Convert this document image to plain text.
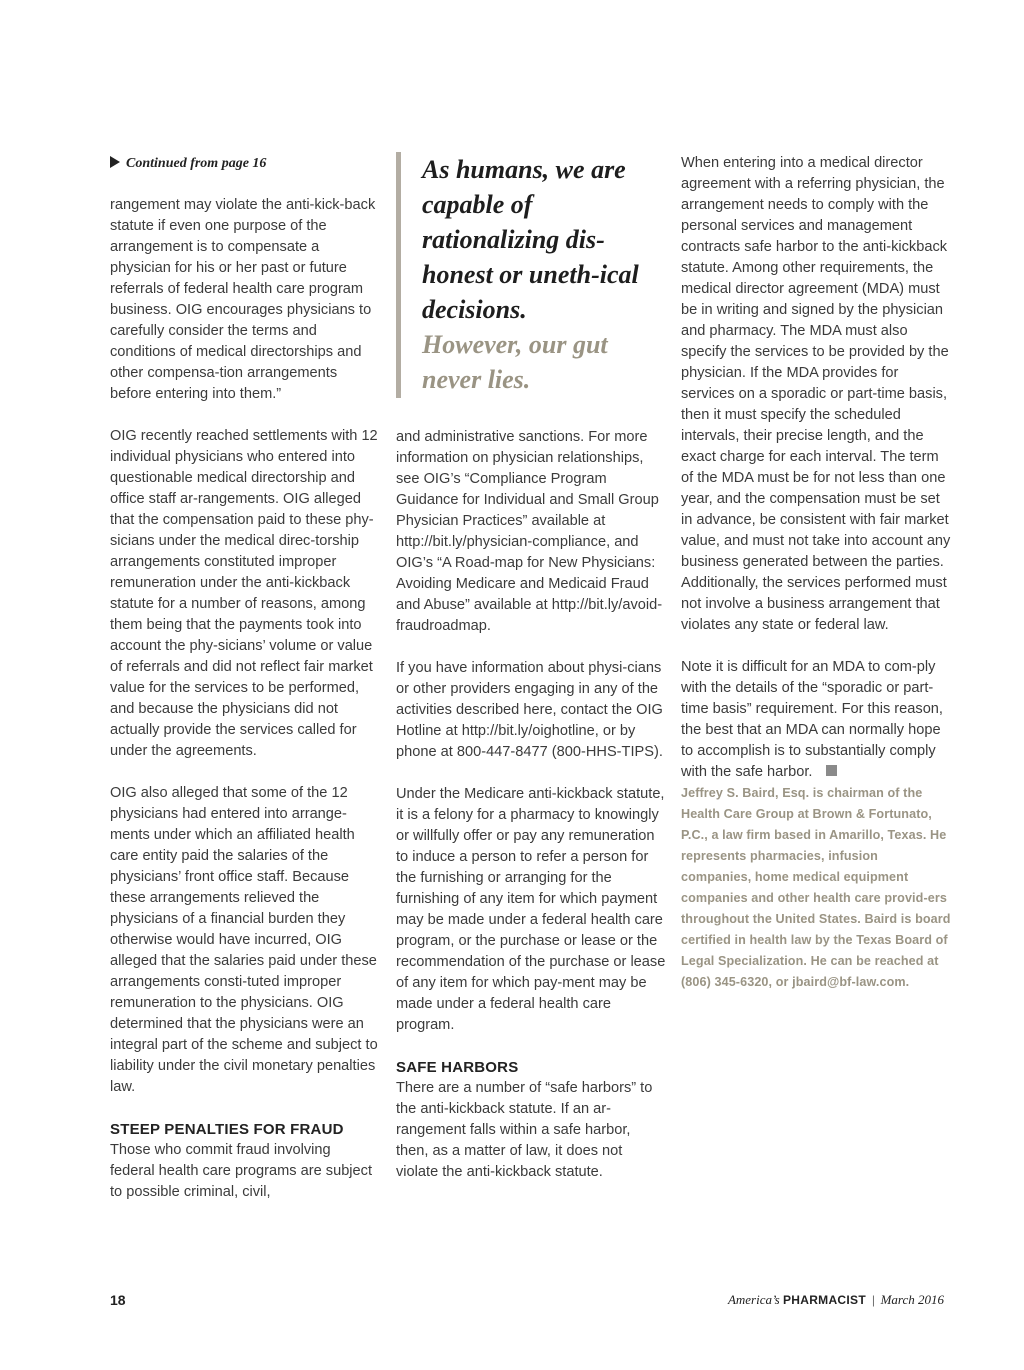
Continued from page 16

rangement may violate the anti-kick-back statute if even one purpose of the arrangement is to compensate a physician for his or her past or future referrals of federal health care program business. OIG encourages physicians to carefully consider the terms and conditions of medical directorships and other compensa-tion arrangements before entering into them.”

OIG recently reached settlements with 12 individual physicians who entered into questionable medical directorship and office staff ar-rangements. OIG alleged that the compensation paid to these phy-sicians under the medical direc-torship arrangements constituted improper remuneration under the anti-kickback statute for a number of reasons, among them being that the payments took into account the phy-sicians’ volume or value of referrals and did not reflect fair market value for the services to be performed, and because the physicians did not actually provide the services called for under the agreements.

OIG also alleged that some of the 12 physicians had entered into arrange-ments under which an affiliated health care entity paid the salaries of the physicians’ front office staff. Because these arrangements relieved the physicians of a financial burden they otherwise would have incurred, OIG alleged that the salaries paid under these arrangements consti-tuted improper remuneration to the physicians. OIG determined that the physicians were an integral part of the scheme and subject to liability under the civil monetary penalties law.

STEEP PENALTIES FOR FRAUD

Those who commit fraud involving federal health care programs are subject to possible criminal, civil,

As humans, we are capable of rationalizing dis-honest or uneth-ical decisions.
However, our gut never lies.

and administrative sanctions. For more information on physician relationships, see OIG’s “Compliance Program Guidance for Individual and Small Group Physician Practices” available at http://bit.ly/physician-compliance, and OIG’s “A Road-map for New Physicians: Avoiding Medicare and Medicaid Fraud and Abuse” available at http://bit.ly/avoid-fraudroadmap.

If you have information about physi-cians or other providers engaging in any of the activities described here, contact the OIG Hotline at http://bit.ly/oighotline, or by phone at 800-447-8477 (800-HHS-TIPS).

Under the Medicare anti-kickback statute, it is a felony for a pharmacy to knowingly or willfully offer or pay any remuneration to induce a person to refer a person for the furnishing or arranging for the furnishing of any item for which payment may be made under a federal health care program, or the purchase or lease or the recommendation of the purchase or lease of any item for which pay-ment may be made under a federal health care program.

SAFE HARBORS

There are a number of “safe harbors” to the anti-kickback statute. If an ar-rangement falls within a safe harbor, then, as a matter of law, it does not violate the anti-kickback statute.

When entering into a medical director agreement with a referring physician, the arrangement needs to comply with the personal services and management contracts safe harbor to the anti-kickback statute. Among other requirements, the medical director agreement (MDA) must be in writing and signed by the physician and pharmacy. The MDA must also specify the services to be provided by the physician. If the MDA provides for services on a sporadic or part-time basis, then it must specify the scheduled intervals, their precise length, and the exact charge for each interval. The term of the MDA must be for not less than one year, and the compensation must be set in advance, be consistent with fair market value, and must not take into account any business generated between the parties. Additionally, the services performed must not involve a business arrangement that violates any state or federal law.

Note it is difficult for an MDA to com-ply with the details of the “sporadic or part-time basis” requirement. For this reason, the best that an MDA can normally hope to accomplish is to substantially comply with the safe harbor.

Jeffrey S. Baird, Esq. is chairman of the Health Care Group at Brown & Fortunato, P.C., a law firm based in Amarillo, Texas. He represents pharmacies, infusion companies, home medical equipment companies and other health care provid-ers throughout the United States. Baird is board certified in health law by the Texas Board of Legal Specialization. He can be reached at (806) 345-6320, or jbaird@bf-law.com.

18	America’s PHARMACIST | March 2016
